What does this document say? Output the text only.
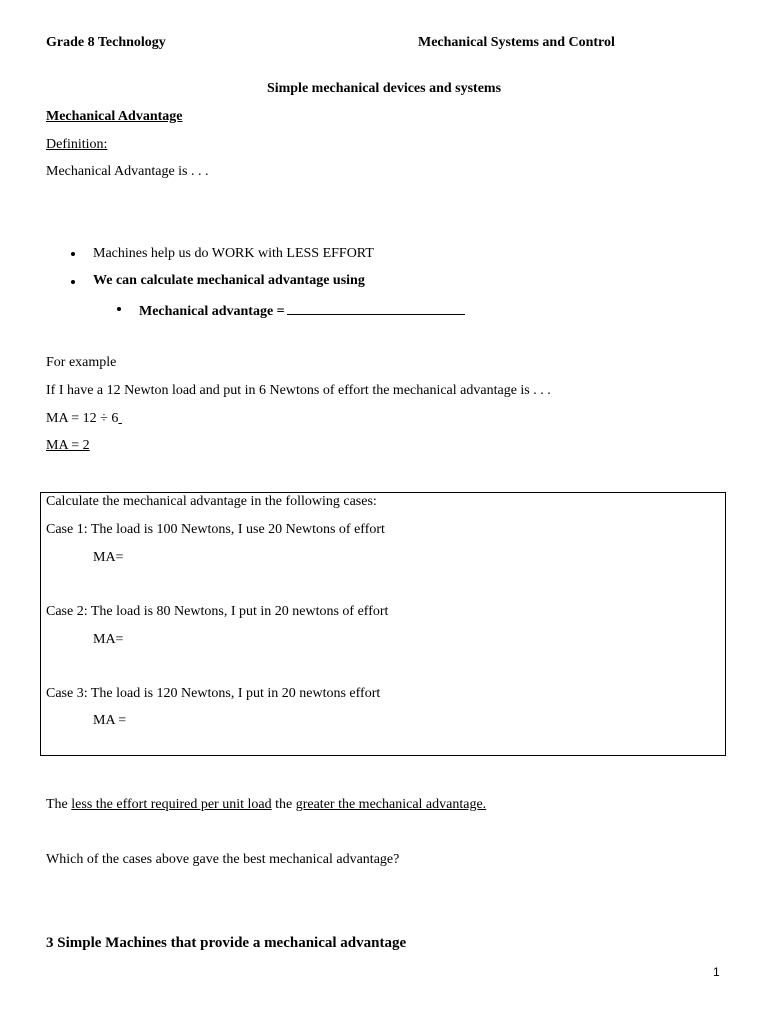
Grade 8 Technology	Mechanical Systems and Control
Simple mechanical devices and systems
Mechanical Advantage
Definition:
Mechanical Advantage is . . .
Machines help us do WORK with LESS EFFORT
We can calculate mechanical advantage using
Mechanical advantage =
For example
If I have a 12 Newton load and put in 6 Newtons of effort the mechanical advantage is . . .
MA = 12 ÷ 6
MA = 2
Calculate the mechanical advantage in the following cases:
Case 1: The load is 100 Newtons, I use 20 Newtons of effort
MA=
Case 2: The load is 80 Newtons, I put in 20 newtons of effort
MA=
Case 3: The load is 120 Newtons, I put in 20 newtons effort
MA =
The less the effort required per unit load the greater the mechanical advantage.
Which of the cases above gave the best mechanical advantage?
3 Simple Machines that provide a mechanical advantage
1
